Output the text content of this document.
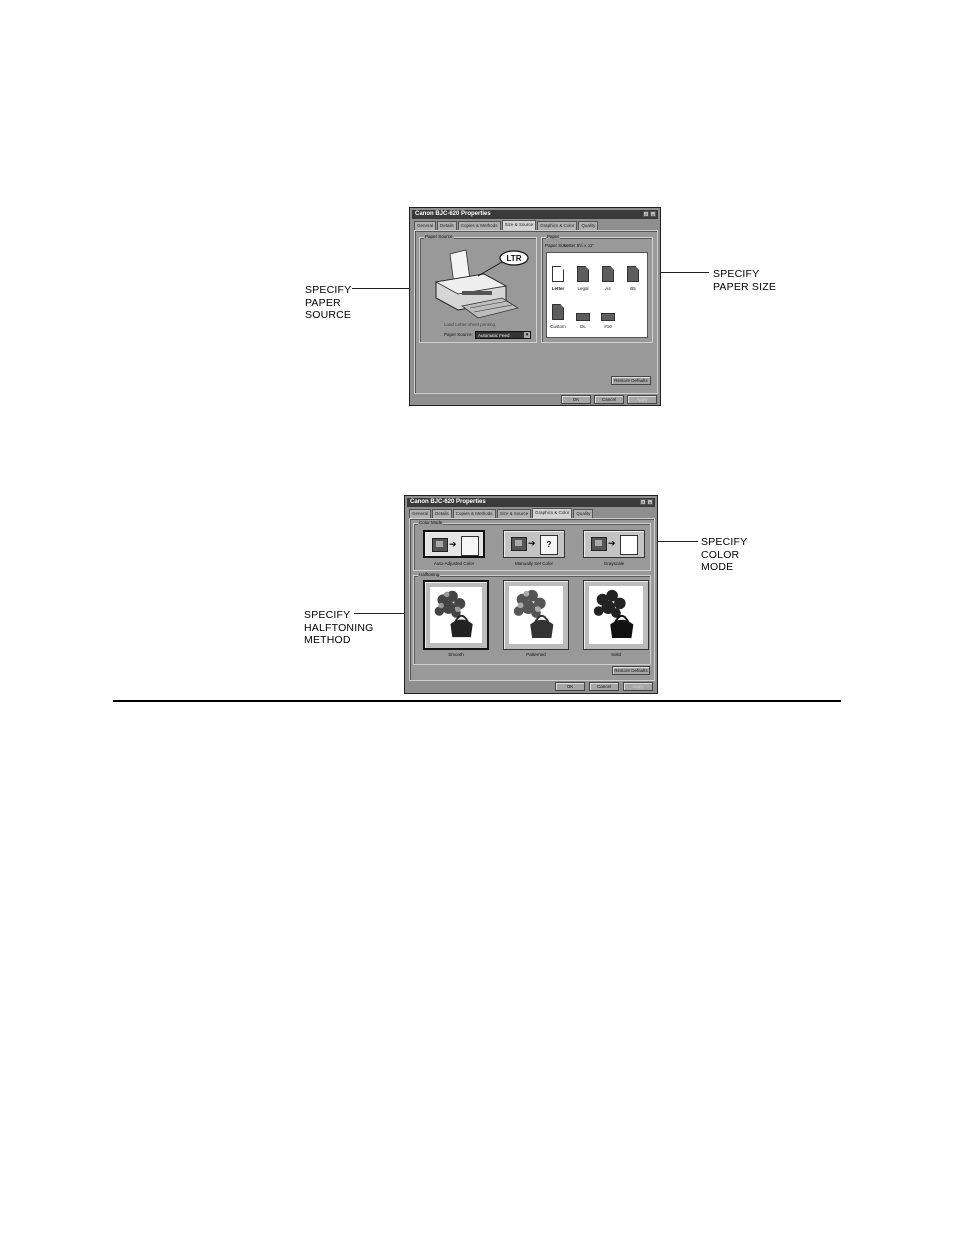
SPECIFY
PAPER
SOURCE
SPECIFY
PAPER SIZE
SPECIFY
COLOR
MODE
SPECIFY
HALFTONING
METHOD
Canon BJC-620 Properties	?	×
General	Details	Copies & Methods	Size & Source	Graphics & Color	Quality
Paper Source
LTR
Load Letter sheet printing.
Paper Source: Automatic Feed	▾
Paper
Paper Size:
Letter 8½ x 11"
Letter	Legal	A4	B5
Custom	DL	#10
Restore Defaults
OK	Cancel	Apply
Canon BJC-620 Properties	?	×
General	Details	Copies & Methods	Size & Source	Graphics & Color	Quality
Color Mode
➔
Auto-Adjusted Color
➔	?
Manually Set Color
➔
Grayscale
Halftoning
Smooth	Patterned	Solid
Restore Defaults
OK	Cancel	Apply
